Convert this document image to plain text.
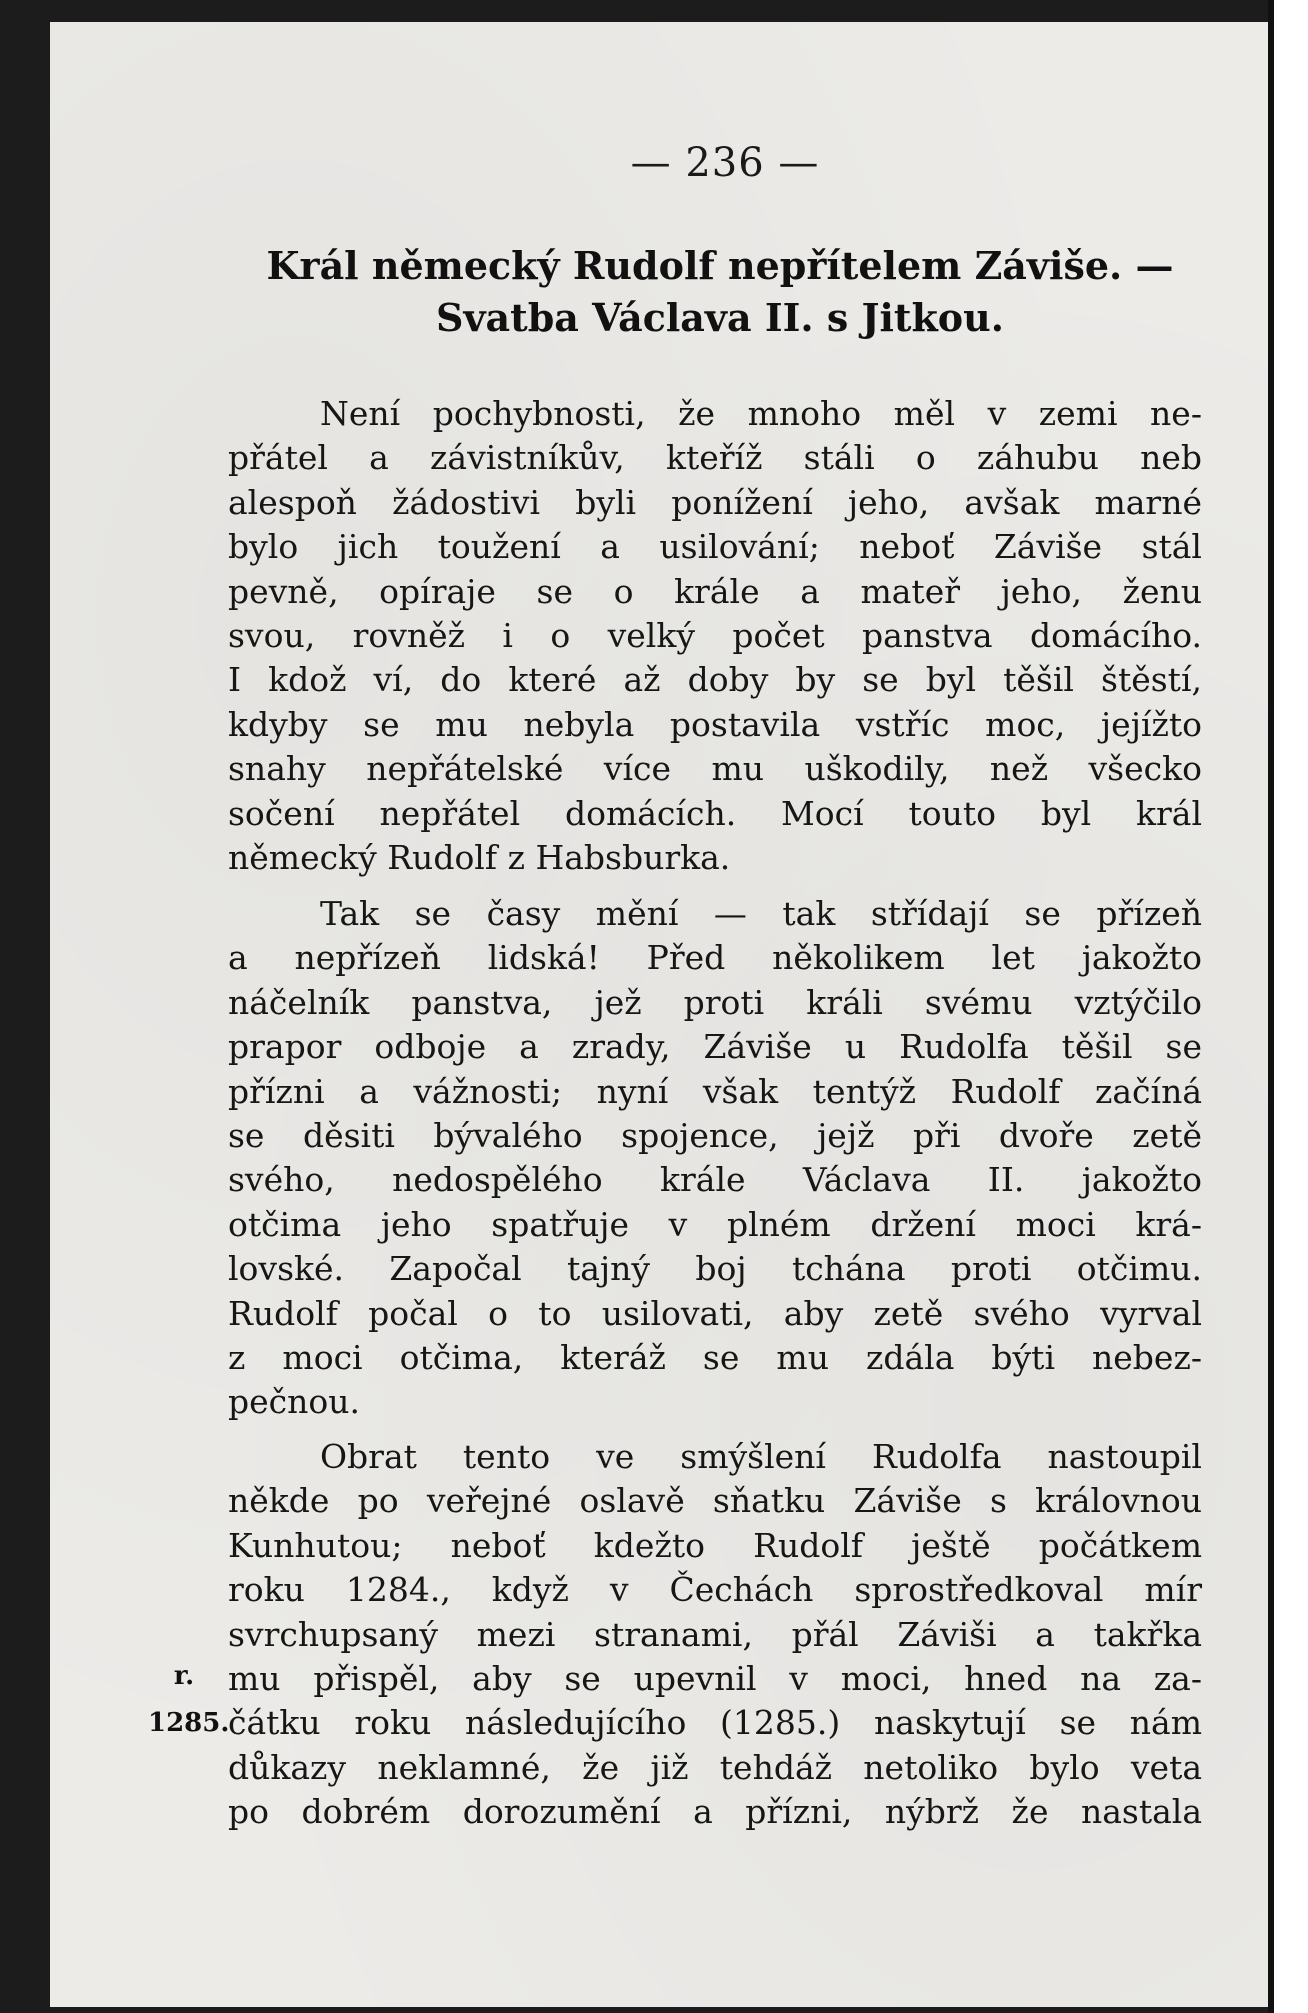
— 236 —
Král německý Rudolf nepřítelem Záviše. —
Svatba Václava II. s Jitkou.
Není pochybnosti, že mnoho měl v zemi ne-
přátel a závistníkův, kteříž stáli o záhubu neb
alespoň žádostivi byli ponížení jeho, avšak marné
bylo jich toužení a usilování; neboť Záviše stál
pevně, opíraje se o krále a mateř jeho, ženu
svou, rovněž i o velký počet panstva domácího.
I kdož ví, do které až doby by se byl těšil štěstí,
kdyby se mu nebyla postavila vstříc moc, jejížto
snahy nepřátelské více mu uškodily, než všecko
sočení nepřátel domácích. Mocí touto byl král
německý Rudolf z Habsburka.
Tak se časy mění — tak střídají se přízeň
a nepřízeň lidská! Před několikem let jakožto
náčelník panstva, jež proti králi svému vztýčilo
prapor odboje a zrady, Záviše u Rudolfa těšil se
přízni a vážnosti; nyní však tentýž Rudolf začíná
se děsiti bývalého spojence, jejž při dvoře zetě
svého, nedospělého krále Václava II. jakožto
otčima jeho spatřuje v plném držení moci krá-
lovské. Započal tajný boj tchána proti otčimu.
Rudolf počal o to usilovati, aby zetě svého vyrval
z moci otčima, kteráž se mu zdála býti nebez-
pečnou.
Obrat tento ve smýšlení Rudolfa nastoupil
někde po veřejné oslavě sňatku Záviše s královnou
Kunhutou; neboť kdežto Rudolf ještě počátkem
roku 1284., když v Čechách sprostředkoval mír
svrchupsaný mezi stranami, přál Záviši a takřka
mu přispěl, aby se upevnil v moci, hned na za-
čátku roku následujícího (1285.) naskytují se nám
důkazy neklamné, že již tehdáž netoliko bylo veta
po dobrém dorozumění a přízni, nýbrž že nastala
r.
1285.
